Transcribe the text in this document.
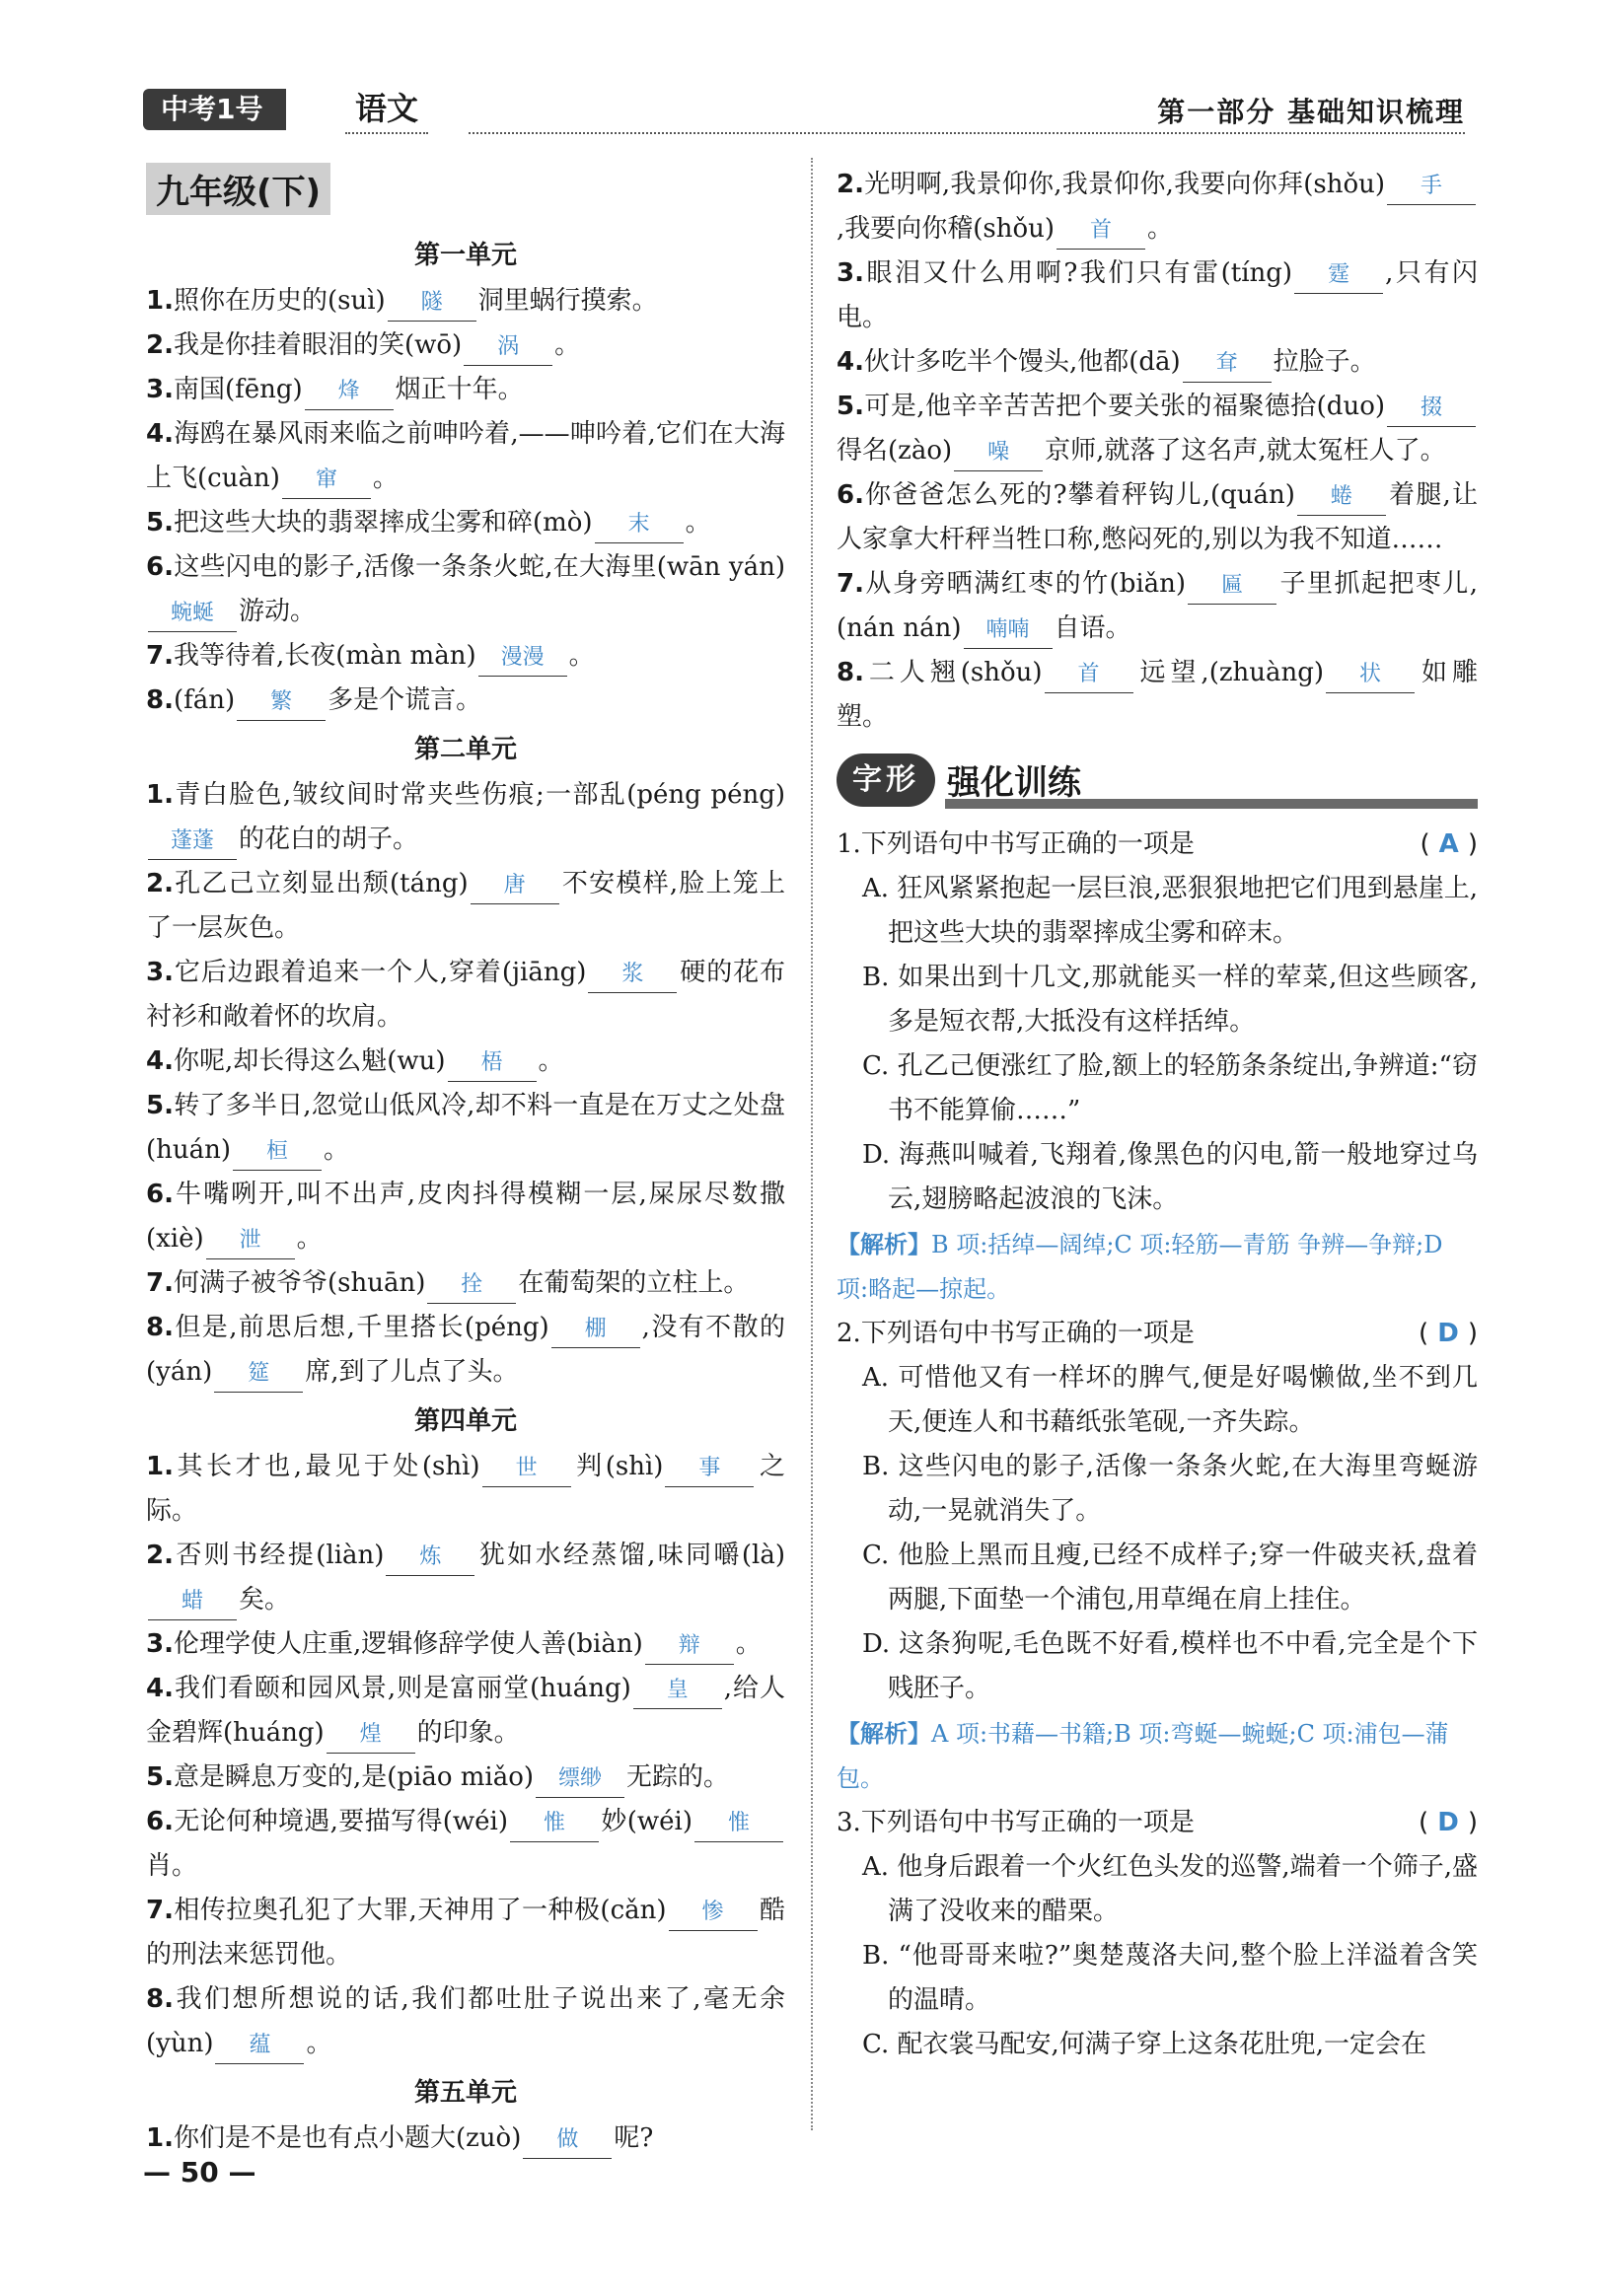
中考1号	语文	第一部分 基础知识梳理
九年级(下)
第一单元
1.照你在历史的(suì) 隧 洞里蜗行摸索。
2.我是你挂着眼泪的笑(wō) 涡 。
3.南国(fēng) 烽 烟正十年。
4.海鸥在暴风雨来临之前呻吟着,——呻吟着,它们在大海上飞(cuàn) 窜 。
5.把这些大块的翡翠摔成尘雾和碎(mò) 末 。
6.这些闪电的影子,活像一条条火蛇,在大海里(wān yán)蜿蜒 游动。
7.我等待着,长夜(màn màn) 漫漫 。
8.(fán) 繁 多是个谎言。
第二单元
1.青白脸色,皱纹间时常夹些伤痕;一部乱(péng péng)蓬蓬 的花白的胡子。
2.孔乙己立刻显出颓(táng) 唐 不安模样,脸上笼上了一层灰色。
3.它后边跟着追来一个人,穿着(jiāng) 浆 硬的花布衬衫和敞着怀的坎肩。
4.你呢,却长得这么魁(wu) 梧 。
5.转了多半日,忽觉山低风冷,却不料一直是在万丈之处盘(huán) 桓 。
6.牛嘴咧开,叫不出声,皮肉抖得模糊一层,屎尿尽数撒(xiè) 泄 。
7.何满子被爷爷(shuān) 拴 在葡萄架的立柱上。
8.但是,前思后想,千里搭长(péng) 棚 ,没有不散的(yán) 筵 席,到了儿点了头。
第四单元
1.其长才也,最见于处(shì) 世 判(shì) 事 之际。
2.否则书经提(liàn) 炼 犹如水经蒸馏,味同嚼(là)蜡 矣。
3.伦理学使人庄重,逻辑修辞学使人善(biàn) 辩 。
4.我们看颐和园风景,则是富丽堂(huáng) 皇 ,给人金碧辉(huáng) 煌 的印象。
5.意是瞬息万变的,是(piāo miǎo) 缥缈 无踪的。
6.无论何种境遇,要描写得(wéi) 惟 妙(wéi) 惟肖。
7.相传拉奥孔犯了大罪,天神用了一种极(cǎn) 惨 酷的刑法来惩罚他。
8.我们想所想说的话,我们都吐肚子说出来了,毫无余(yùn) 蕴 。
第五单元
1.你们是不是也有点小题大(zuò) 做 呢?
2.光明啊,我景仰你,我景仰你,我要向你拜(shǒu) 手,我要向你稽(shǒu) 首 。
3.眼泪又什么用啊?我们只有雷(tíng) 霆 ,只有闪电。
4.伙计多吃半个馒头,他都(dā) 耷 拉脸子。
5.可是,他辛辛苦苦把个要关张的福聚德拾(duo) 掇得名(zào) 噪 京师,就落了这名声,就太冤枉人了。
6.你爸爸怎么死的?攀着秤钩儿,(quán) 蜷 着腿,让人家拿大杆秤当牲口称,憋闷死的,别以为我不知道……
7.从身旁晒满红枣的竹(biǎn) 匾 子里抓起把枣儿,(nán nán) 喃喃 自语。
8.二人翘(shǒu) 首 远望,(zhuàng) 状 如雕塑。
字形 强化训练
1.下列语句中书写正确的一项是	( A )
A. 狂风紧紧抱起一层巨浪,恶狠狠地把它们甩到悬崖上,把这些大块的翡翠摔成尘雾和碎末。
B. 如果出到十几文,那就能买一样的荤菜,但这些顾客,多是短衣帮,大抵没有这样括绰。
C. 孔乙己便涨红了脸,额上的轻筋条条绽出,争辨道:“窃书不能算偷……”
D. 海燕叫喊着,飞翔着,像黑色的闪电,箭一般地穿过乌云,翅膀略起波浪的飞沫。
【解析】B 项:括绰—阔绰;C 项:轻筋—青筋 争辨—争辩;D 项:略起—掠起。
2.下列语句中书写正确的一项是	( D )
A. 可惜他又有一样坏的脾气,便是好喝懒做,坐不到几天,便连人和书藉纸张笔砚,一齐失踪。
B. 这些闪电的影子,活像一条条火蛇,在大海里弯蜒游动,一晃就消失了。
C. 他脸上黑而且瘦,已经不成样子;穿一件破夹袄,盘着两腿,下面垫一个浦包,用草绳在肩上挂住。
D. 这条狗呢,毛色既不好看,模样也不中看,完全是个下贱胚子。
【解析】A 项:书藉—书籍;B 项:弯蜒—蜿蜒;C 项:浦包—蒲包。
3.下列语句中书写正确的一项是	( D )
A. 他身后跟着一个火红色头发的巡警,端着一个筛子,盛满了没收来的醋栗。
B. “他哥哥来啦?”奥楚蔑洛夫问,整个脸上洋溢着含笑的温晴。
C. 配衣裳马配安,何满子穿上这条花肚兜,一定会在
— 50 —
